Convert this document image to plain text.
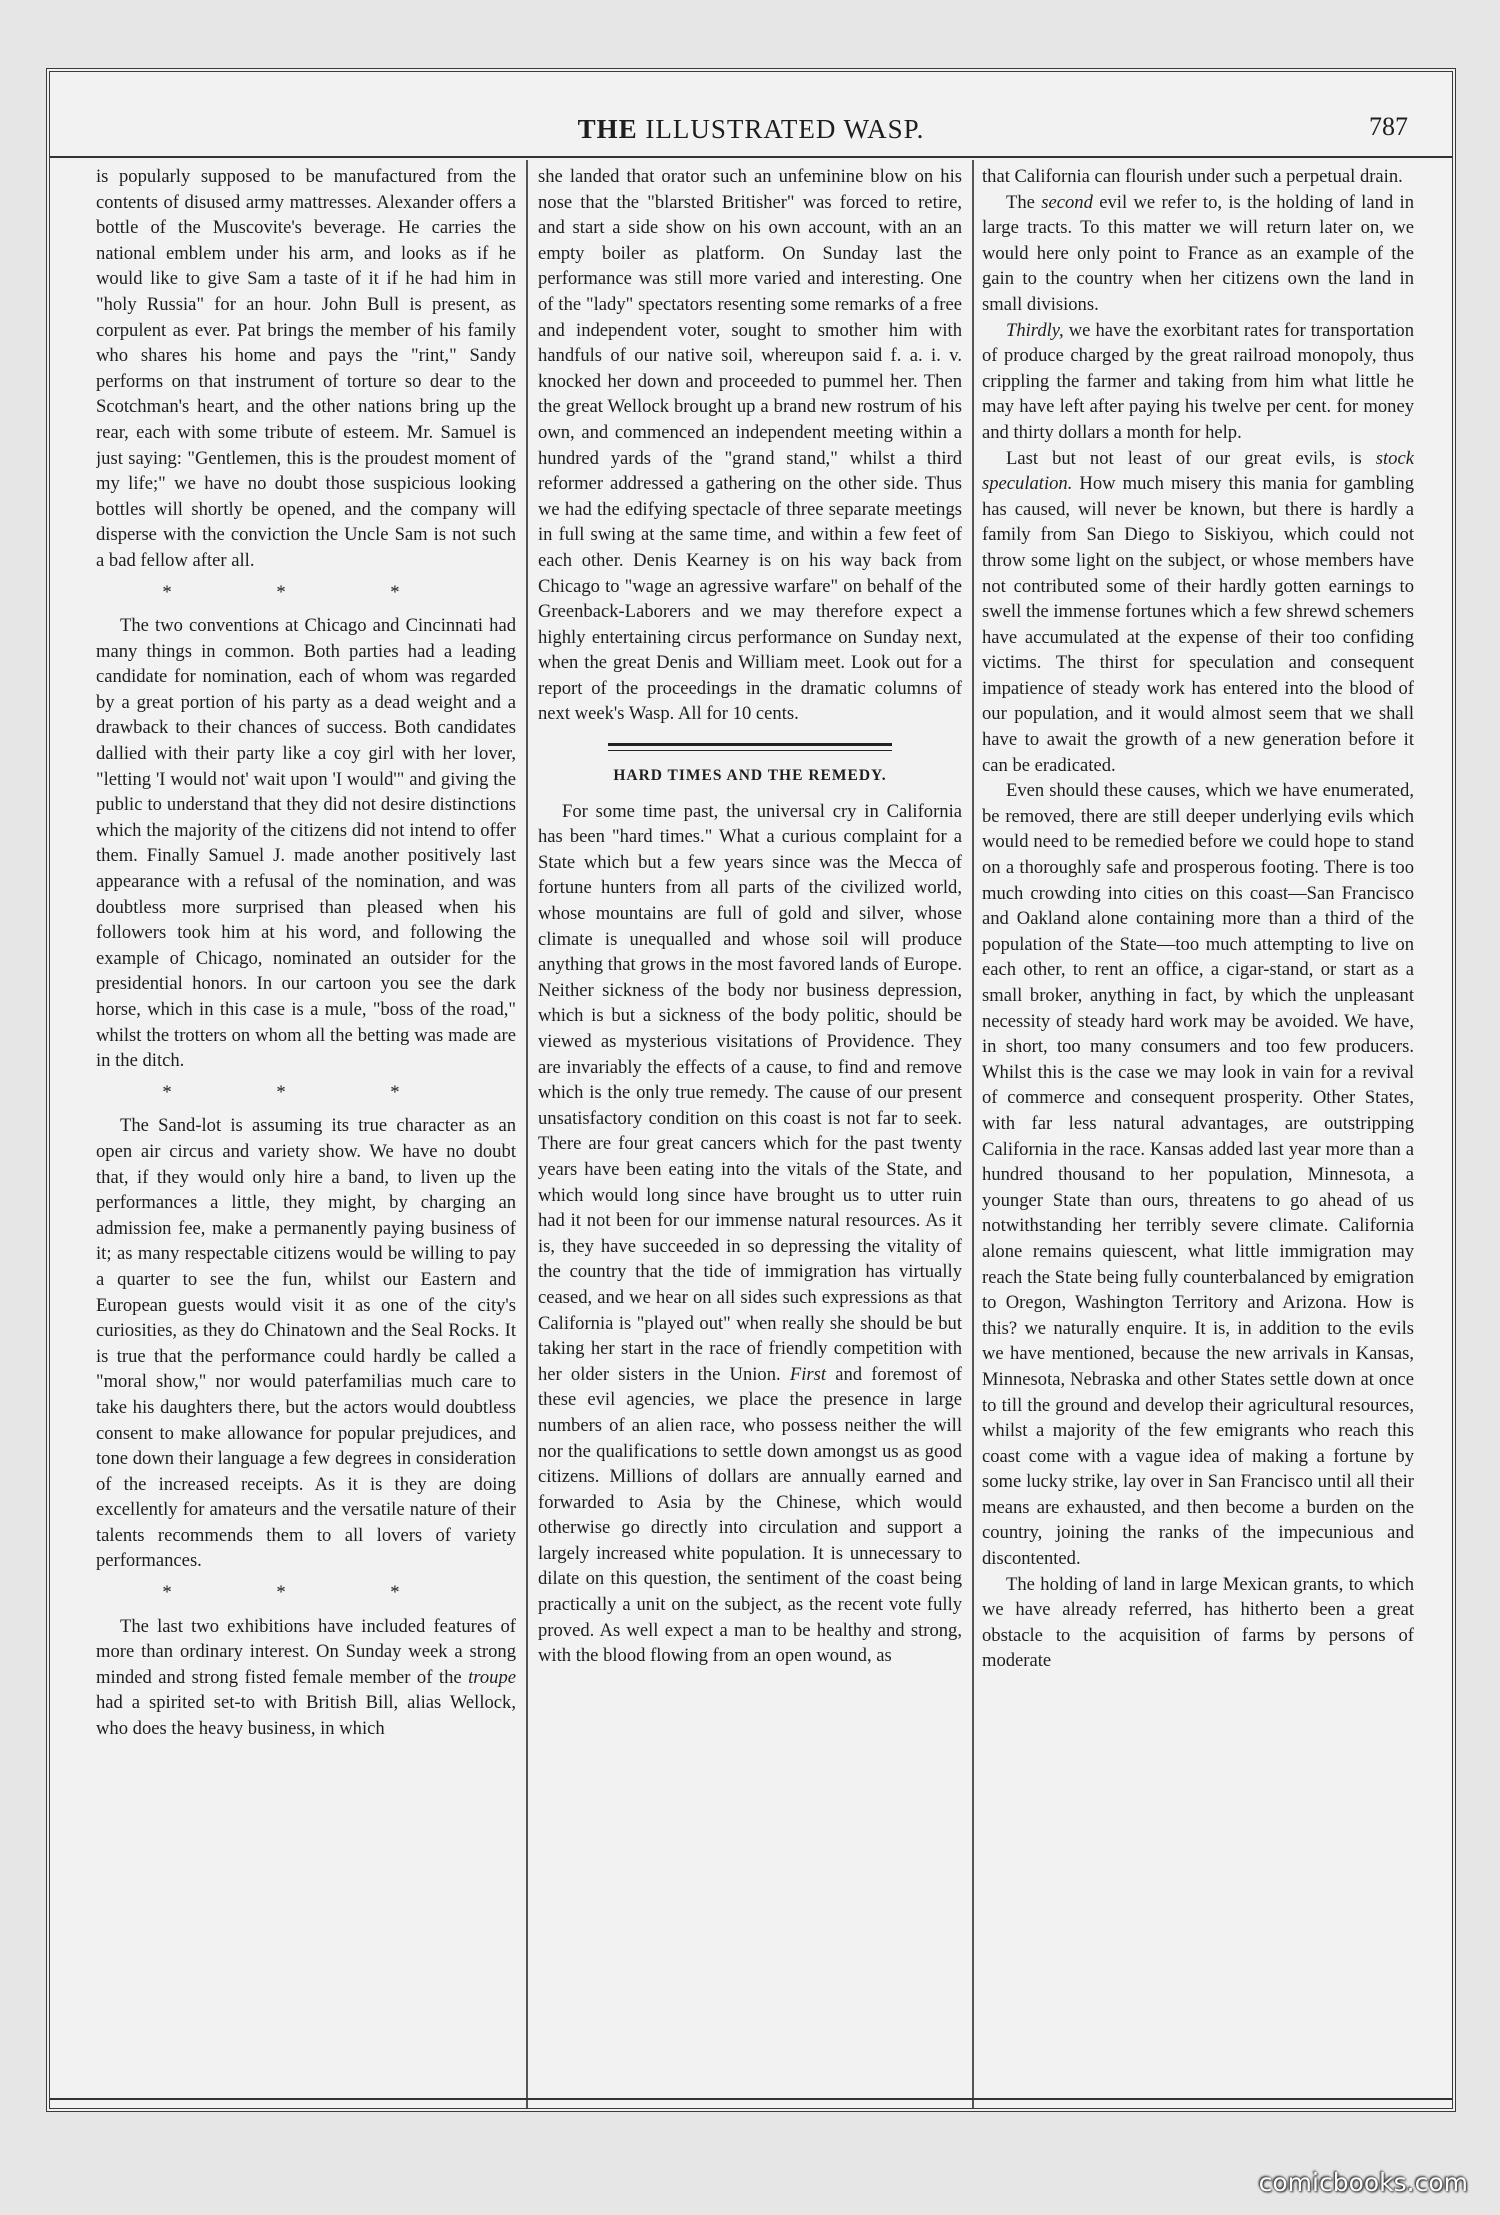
THE ILLUSTRATED WASP.	787

is popularly supposed to be manufactured from the contents of disused army mattresses. Alexander offers a bottle of the Muscovite's beverage. He carries the national emblem under his arm, and looks as if he would like to give Sam a taste of it if he had him in "holy Russia" for an hour. John Bull is present, as corpulent as ever. Pat brings the member of his family who shares his home and pays the "rint," Sandy performs on that instrument of torture so dear to the Scotchman's heart, and the other nations bring up the rear, each with some tribute of esteem. Mr. Samuel is just saying: "Gentlemen, this is the proudest moment of my life;" we have no doubt those suspicious looking bottles will shortly be opened, and the company will disperse with the conviction the Uncle Sam is not such a bad fellow after all.

* * *

The two conventions at Chicago and Cincinnati had many things in common. Both parties had a leading candidate for nomination, each of whom was regarded by a great portion of his party as a dead weight and a drawback to their chances of success. Both candidates dallied with their party like a coy girl with her lover, "letting 'I would not' wait upon 'I would'" and giving the public to understand that they did not desire distinctions which the majority of the citizens did not intend to offer them. Finally Samuel J. made another positively last appearance with a refusal of the nomination, and was doubtless more surprised than pleased when his followers took him at his word, and following the example of Chicago, nominated an outsider for the presidential honors. In our cartoon you see the dark horse, which in this case is a mule, "boss of the road," whilst the trotters on whom all the betting was made are in the ditch.

* * *

The Sand-lot is assuming its true character as an open air circus and variety show. We have no doubt that, if they would only hire a band, to liven up the performances a little, they might, by charging an admission fee, make a permanently paying business of it; as many respectable citizens would be willing to pay a quarter to see the fun, whilst our Eastern and European guests would visit it as one of the city's curiosities, as they do Chinatown and the Seal Rocks. It is true that the performance could hardly be called a "moral show," nor would paterfamilias much care to take his daughters there, but the actors would doubtless consent to make allowance for popular prejudices, and tone down their language a few degrees in consideration of the increased receipts. As it is they are doing excellently for amateurs and the versatile nature of their talents recommends them to all lovers of variety performances.

* * *

The last two exhibitions have included features of more than ordinary interest. On Sunday week a strong minded and strong fisted female member of the troupe had a spirited set-to with British Bill, alias Wellock, who does the heavy business, in which

she landed that orator such an unfeminine blow on his nose that the "blarsted Britisher" was forced to retire, and start a side show on his own account, with an an empty boiler as platform. On Sunday last the performance was still more varied and interesting. One of the "lady" spectators resenting some remarks of a free and independent voter, sought to smother him with handfuls of our native soil, whereupon said f. a. i. v. knocked her down and proceeded to pummel her. Then the great Wellock brought up a brand new rostrum of his own, and commenced an independent meeting within a hundred yards of the "grand stand," whilst a third reformer addressed a gathering on the other side. Thus we had the edifying spectacle of three separate meetings in full swing at the same time, and within a few feet of each other. Denis Kearney is on his way back from Chicago to "wage an agressive warfare" on behalf of the Greenback-Laborers and we may therefore expect a highly entertaining circus performance on Sunday next, when the great Denis and William meet. Look out for a report of the proceedings in the dramatic columns of next week's Wasp. All for 10 cents.

HARD TIMES AND THE REMEDY.

For some time past, the universal cry in California has been "hard times." What a curious complaint for a State which but a few years since was the Mecca of fortune hunters from all parts of the civilized world, whose mountains are full of gold and silver, whose climate is unequalled and whose soil will produce anything that grows in the most favored lands of Europe. Neither sickness of the body nor business depression, which is but a sickness of the body politic, should be viewed as mysterious visitations of Providence. They are invariably the effects of a cause, to find and remove which is the only true remedy. The cause of our present unsatisfactory condition on this coast is not far to seek. There are four great cancers which for the past twenty years have been eating into the vitals of the State, and which would long since have brought us to utter ruin had it not been for our immense natural resources. As it is, they have succeeded in so depressing the vitality of the country that the tide of immigration has virtually ceased, and we hear on all sides such expressions as that California is "played out" when really she should be but taking her start in the race of friendly competition with her older sisters in the Union. First and foremost of these evil agencies, we place the presence in large numbers of an alien race, who possess neither the will nor the qualifications to settle down amongst us as good citizens. Millions of dollars are annually earned and forwarded to Asia by the Chinese, which would otherwise go directly into circulation and support a largely increased white population. It is unnecessary to dilate on this question, the sentiment of the coast being practically a unit on the subject, as the recent vote fully proved. As well expect a man to be healthy and strong, with the blood flowing from an open wound, as

that California can flourish under such a perpetual drain.

The second evil we refer to, is the holding of land in large tracts. To this matter we will return later on, we would here only point to France as an example of the gain to the country when her citizens own the land in small divisions.

Thirdly, we have the exorbitant rates for transportation of produce charged by the great railroad monopoly, thus crippling the farmer and taking from him what little he may have left after paying his twelve per cent. for money and thirty dollars a month for help.

Last but not least of our great evils, is stock speculation. How much misery this mania for gambling has caused, will never be known, but there is hardly a family from San Diego to Siskiyou, which could not throw some light on the subject, or whose members have not contributed some of their hardly gotten earnings to swell the immense fortunes which a few shrewd schemers have accumulated at the expense of their too confiding victims. The thirst for speculation and consequent impatience of steady work has entered into the blood of our population, and it would almost seem that we shall have to await the growth of a new generation before it can be eradicated.

Even should these causes, which we have enumerated, be removed, there are still deeper underlying evils which would need to be remedied before we could hope to stand on a thoroughly safe and prosperous footing. There is too much crowding into cities on this coast—San Francisco and Oakland alone containing more than a third of the population of the State—too much attempting to live on each other, to rent an office, a cigar-stand, or start as a small broker, anything in fact, by which the unpleasant necessity of steady hard work may be avoided. We have, in short, too many consumers and too few producers. Whilst this is the case we may look in vain for a revival of commerce and consequent prosperity. Other States, with far less natural advantages, are outstripping California in the race. Kansas added last year more than a hundred thousand to her population, Minnesota, a younger State than ours, threatens to go ahead of us notwithstanding her terribly severe climate. California alone remains quiescent, what little immigration may reach the State being fully counterbalanced by emigration to Oregon, Washington Territory and Arizona. How is this? we naturally enquire. It is, in addition to the evils we have mentioned, because the new arrivals in Kansas, Minnesota, Nebraska and other States settle down at once to till the ground and develop their agricultural resources, whilst a majority of the few emigrants who reach this coast come with a vague idea of making a fortune by some lucky strike, lay over in San Francisco until all their means are exhausted, and then become a burden on the country, joining the ranks of the impecunious and discontented.

The holding of land in large Mexican grants, to which we have already referred, has hitherto been a great obstacle to the acquisition of farms by persons of moderate

comicbooks.com
